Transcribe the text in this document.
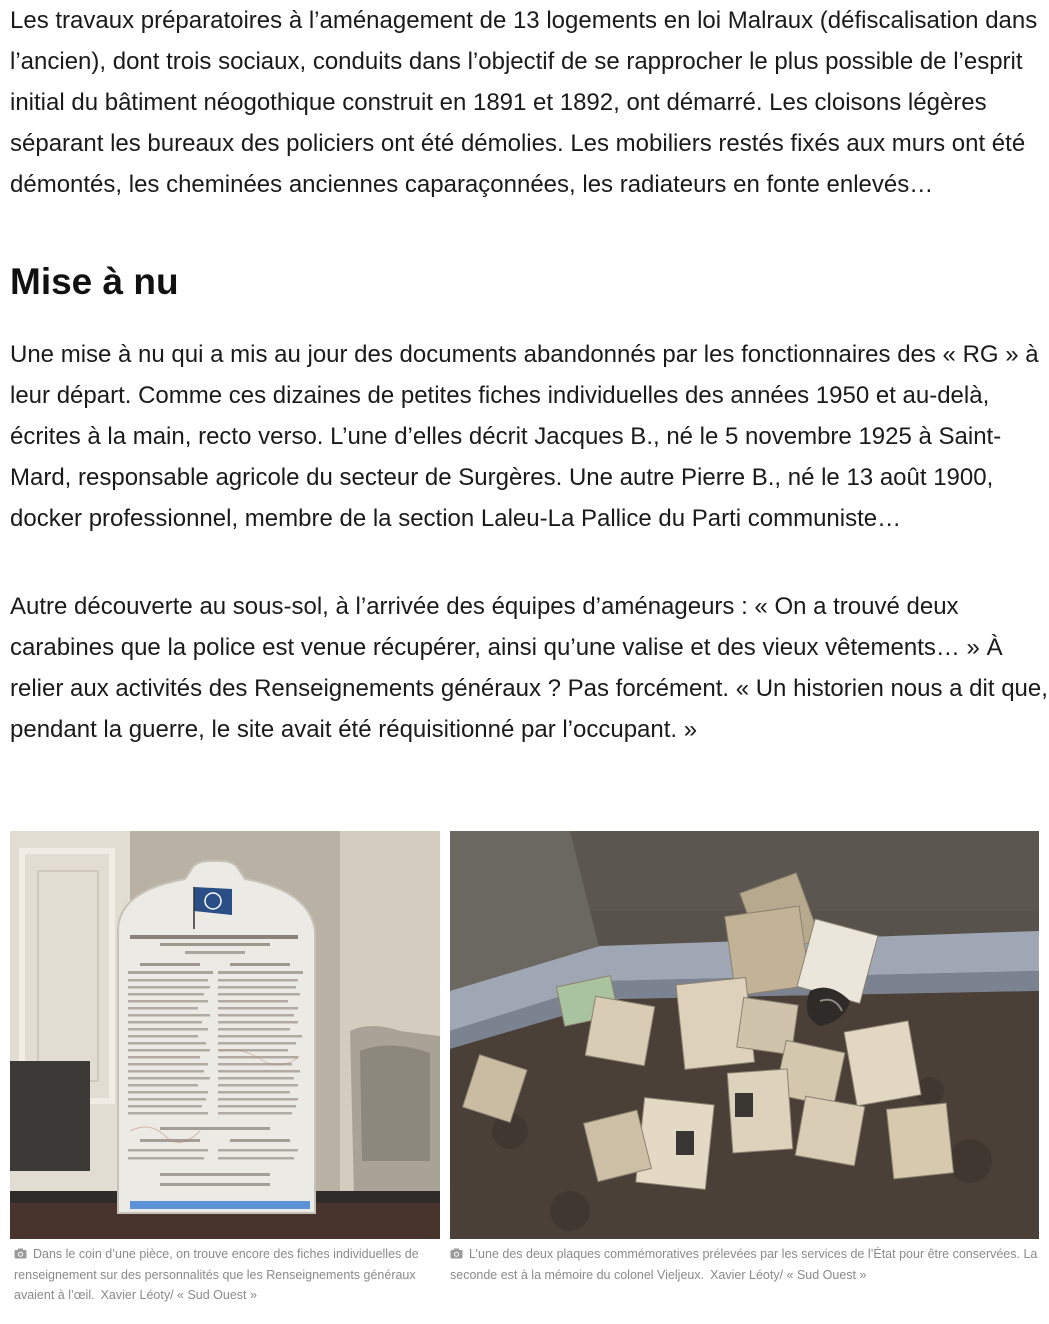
Les travaux préparatoires à l’aménagement de 13 logements en loi Malraux (défiscalisation dans l’ancien), dont trois sociaux, conduits dans l’objectif de se rapprocher le plus possible de l’esprit initial du bâtiment néogothique construit en 1891 et 1892, ont démarré. Les cloisons légères séparant les bureaux des policiers ont été démolies. Les mobiliers restés fixés aux murs ont été démontés, les cheminées anciennes caparaçonnées, les radiateurs en fonte enlevés…

Mise à nu

Une mise à nu qui a mis au jour des documents abandonnés par les fonctionnaires des « RG » à leur départ. Comme ces dizaines de petites fiches individuelles des années 1950 et au-delà, écrites à la main, recto verso. L’une d’elles décrit Jacques B., né le 5 novembre 1925 à Saint-Mard, responsable agricole du secteur de Surgères. Une autre Pierre B., né le 13 août 1900, docker professionnel, membre de la section Laleu-La Pallice du Parti communiste…

Autre découverte au sous-sol, à l’arrivée des équipes d’aménageurs : « On a trouvé deux carabines que la police est venue récupérer, ainsi qu’une valise et des vieux vêtements… » À relier aux activités des Renseignements généraux ? Pas forcément. « Un historien nous a dit que, pendant la guerre, le site avait été réquisitionné par l’occupant. »

Dans le coin d’une pièce, on trouve encore des fiches individuelles de renseignement sur des personnalités que les Renseignements généraux avaient à l’œil. Xavier Léoty/ « Sud Ouest »

L’une des deux plaques commémoratives prélevées par les services de l’État pour être conservées. La seconde est à la mémoire du colonel Vieljeux. Xavier Léoty/ « Sud Ouest »
